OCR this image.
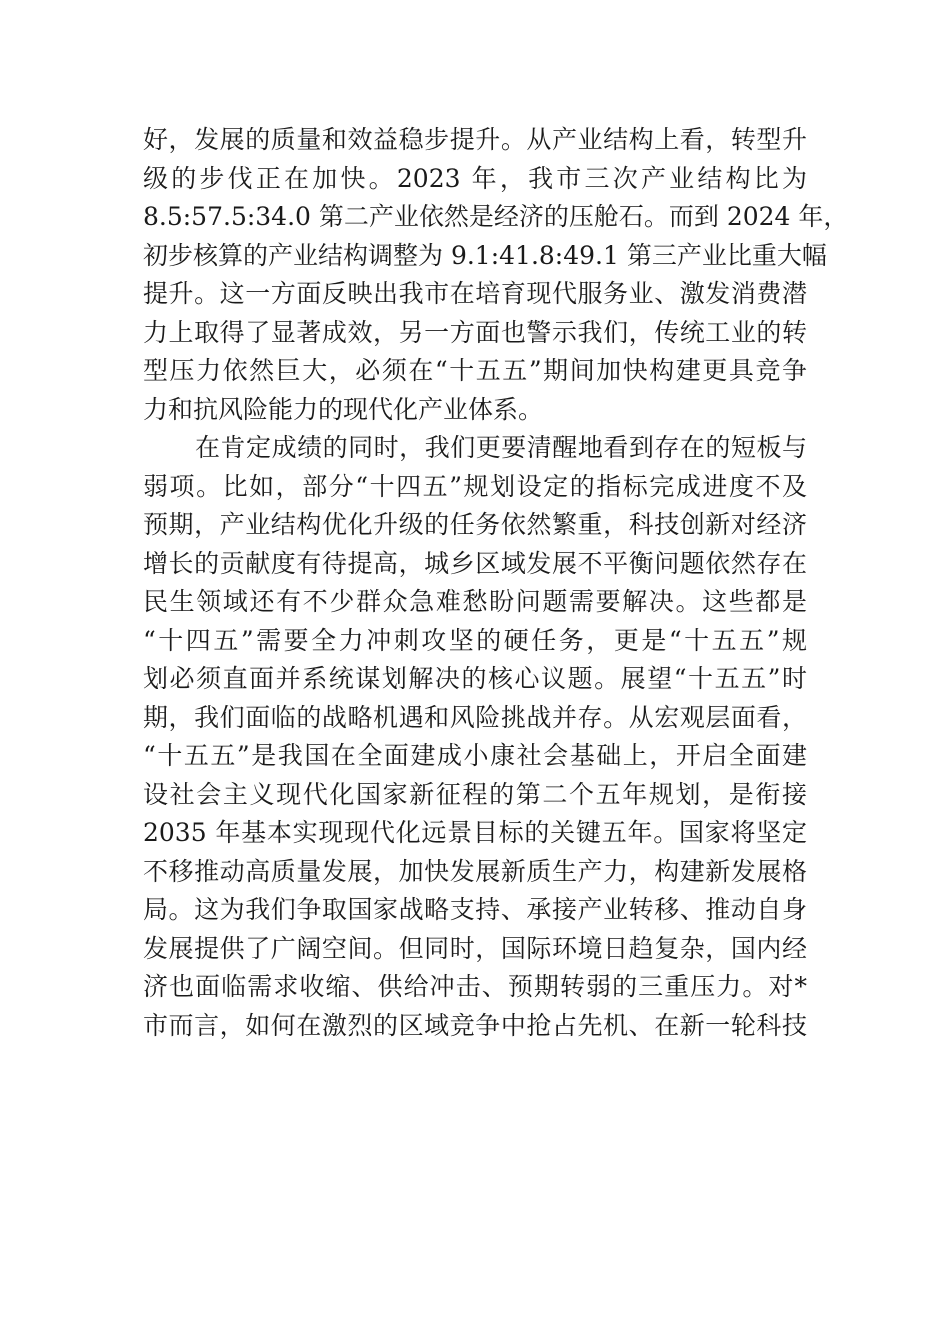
好，发展的质量和效益稳步提升。从产业结构上看，转型升
级的步伐正在加快。2023 年，我市三次产业结构比为
8.5:57.5:34.0 第二产业依然是经济的压舱石。而到 2024 年，
初步核算的产业结构调整为 9.1:41.8:49.1 第三产业比重大幅
提升。这一方面反映出我市在培育现代服务业、激发消费潜
力上取得了显著成效，另一方面也警示我们，传统工业的转
型压力依然巨大，必须在“十五五”期间加快构建更具竞争
力和抗风险能力的现代化产业体系。
在肯定成绩的同时，我们更要清醒地看到存在的短板与
弱项。比如，部分“十四五”规划设定的指标完成进度不及
预期，产业结构优化升级的任务依然繁重，科技创新对经济
增长的贡献度有待提高，城乡区域发展不平衡问题依然存在
民生领域还有不少群众急难愁盼问题需要解决。这些都是
“十四五”需要全力冲刺攻坚的硬任务，更是“十五五”规
划必须直面并系统谋划解决的核心议题。展望“十五五”时
期，我们面临的战略机遇和风险挑战并存。从宏观层面看，
“十五五”是我国在全面建成小康社会基础上，开启全面建
设社会主义现代化国家新征程的第二个五年规划，是衔接
2035 年基本实现现代化远景目标的关键五年。国家将坚定
不移推动高质量发展，加快发展新质生产力，构建新发展格
局。这为我们争取国家战略支持、承接产业转移、推动自身
发展提供了广阔空间。但同时，国际环境日趋复杂，国内经
济也面临需求收缩、供给冲击、预期转弱的三重压力。对*
市而言，如何在激烈的区域竞争中抢占先机、在新一轮科技
